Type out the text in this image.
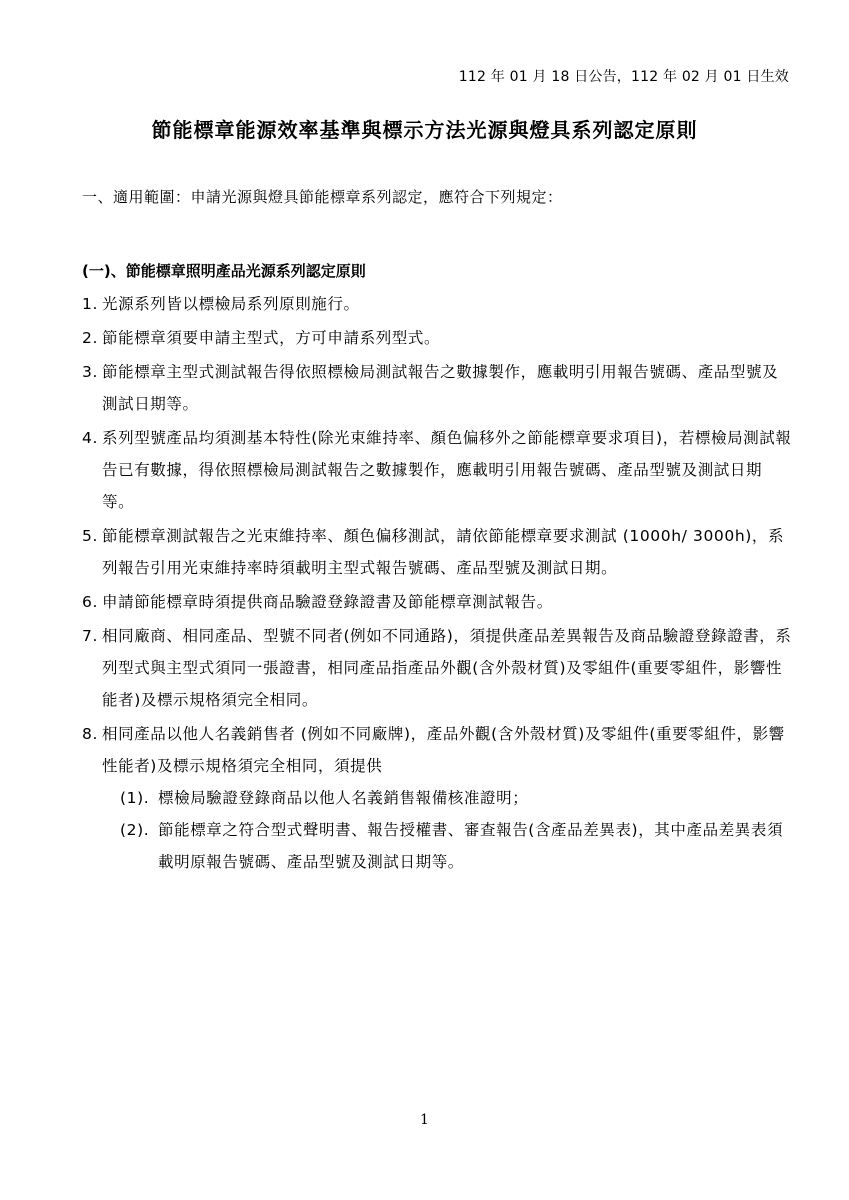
112 年 01 月 18 日公告，112 年 02 月 01 日生效
節能標章能源效率基準與標示方法光源與燈具系列認定原則
一、適用範圍：申請光源與燈具節能標章系列認定，應符合下列規定：
(一)、節能標章照明產品光源系列認定原則
1. 光源系列皆以標檢局系列原則施行。
2. 節能標章須要申請主型式，方可申請系列型式。
3. 節能標章主型式測試報告得依照標檢局測試報告之數據製作，應載明引用報告號碼、產品型號及測試日期等。
4. 系列型號產品均須測基本特性(除光束維持率、顏色偏移外之節能標章要求項目)，若標檢局測試報告已有數據，得依照標檢局測試報告之數據製作，應載明引用報告號碼、產品型號及測試日期等。
5. 節能標章測試報告之光束維持率、顏色偏移測試，請依節能標章要求測試 (1000h/ 3000h)，系列報告引用光束維持率時須載明主型式報告號碼、產品型號及測試日期。
6. 申請節能標章時須提供商品驗證登錄證書及節能標章測試報告。
7. 相同廠商、相同產品、型號不同者(例如不同通路)，須提供產品差異報告及商品驗證登錄證書，系列型式與主型式須同一張證書，相同產品指產品外觀(含外殼材質)及零組件(重要零組件，影響性能者)及標示規格須完全相同。
8. 相同產品以他人名義銷售者 (例如不同廠牌)，產品外觀(含外殼材質)及零組件(重要零組件，影響性能者)及標示規格須完全相同，須提供
(1). 標檢局驗證登錄商品以他人名義銷售報備核准證明；
(2). 節能標章之符合型式聲明書、報告授權書、審查報告(含產品差異表)，其中產品差異表須載明原報告號碼、產品型號及測試日期等。
1
